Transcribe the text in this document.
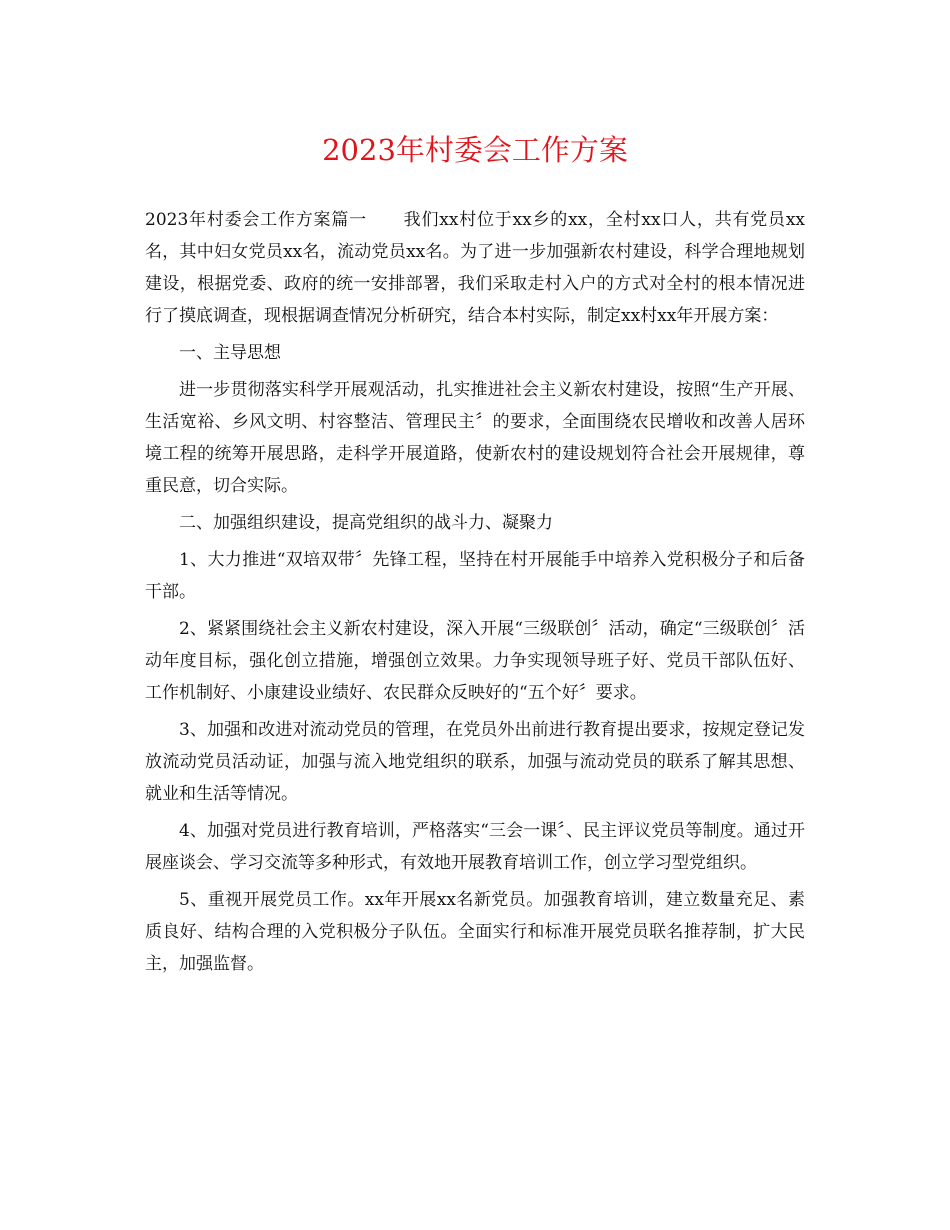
2023年村委会工作方案

2023年村委会工作方案篇一 我们xx村位于xx乡的xx，全村xx口人，共有党员xx名，其中妇女党员xx名，流动党员xx名。为了进一步加强新农村建设，科学合理地规划建设，根据党委、政府的统一安排部署，我们采取走村入户的方式对全村的根本情况进行了摸底调查，现根据调查情况分析研究，结合本村实际，制定xx村xx年开展方案：

一、主导思想

进一步贯彻落实科学开展观活动，扎实推进社会主义新农村建设，按照“生产开展、生活宽裕、乡风文明、村容整洁、管理民主〞的要求，全面围绕农民增收和改善人居环境工程的统筹开展思路，走科学开展道路，使新农村的建设规划符合社会开展规律，尊重民意，切合实际。

二、加强组织建设，提高党组织的战斗力、凝聚力

1、大力推进“双培双带〞先锋工程，坚持在村开展能手中培养入党积极分子和后备干部。

2、紧紧围绕社会主义新农村建设，深入开展“三级联创〞活动，确定“三级联创〞活动年度目标，强化创立措施，增强创立效果。力争实现领导班子好、党员干部队伍好、工作机制好、小康建设业绩好、农民群众反映好的“五个好〞要求。

3、加强和改进对流动党员的管理，在党员外出前进行教育提出要求，按规定登记发放流动党员活动证，加强与流入地党组织的联系，加强与流动党员的联系了解其思想、就业和生活等情况。

4、加强对党员进行教育培训，严格落实“三会一课〞、民主评议党员等制度。通过开展座谈会、学习交流等多种形式，有效地开展教育培训工作，创立学习型党组织。

5、重视开展党员工作。xx年开展xx名新党员。加强教育培训，建立数量充足、素质良好、结构合理的入党积极分子队伍。全面实行和标准开展党员联名推荐制，扩大民主，加强监督。
